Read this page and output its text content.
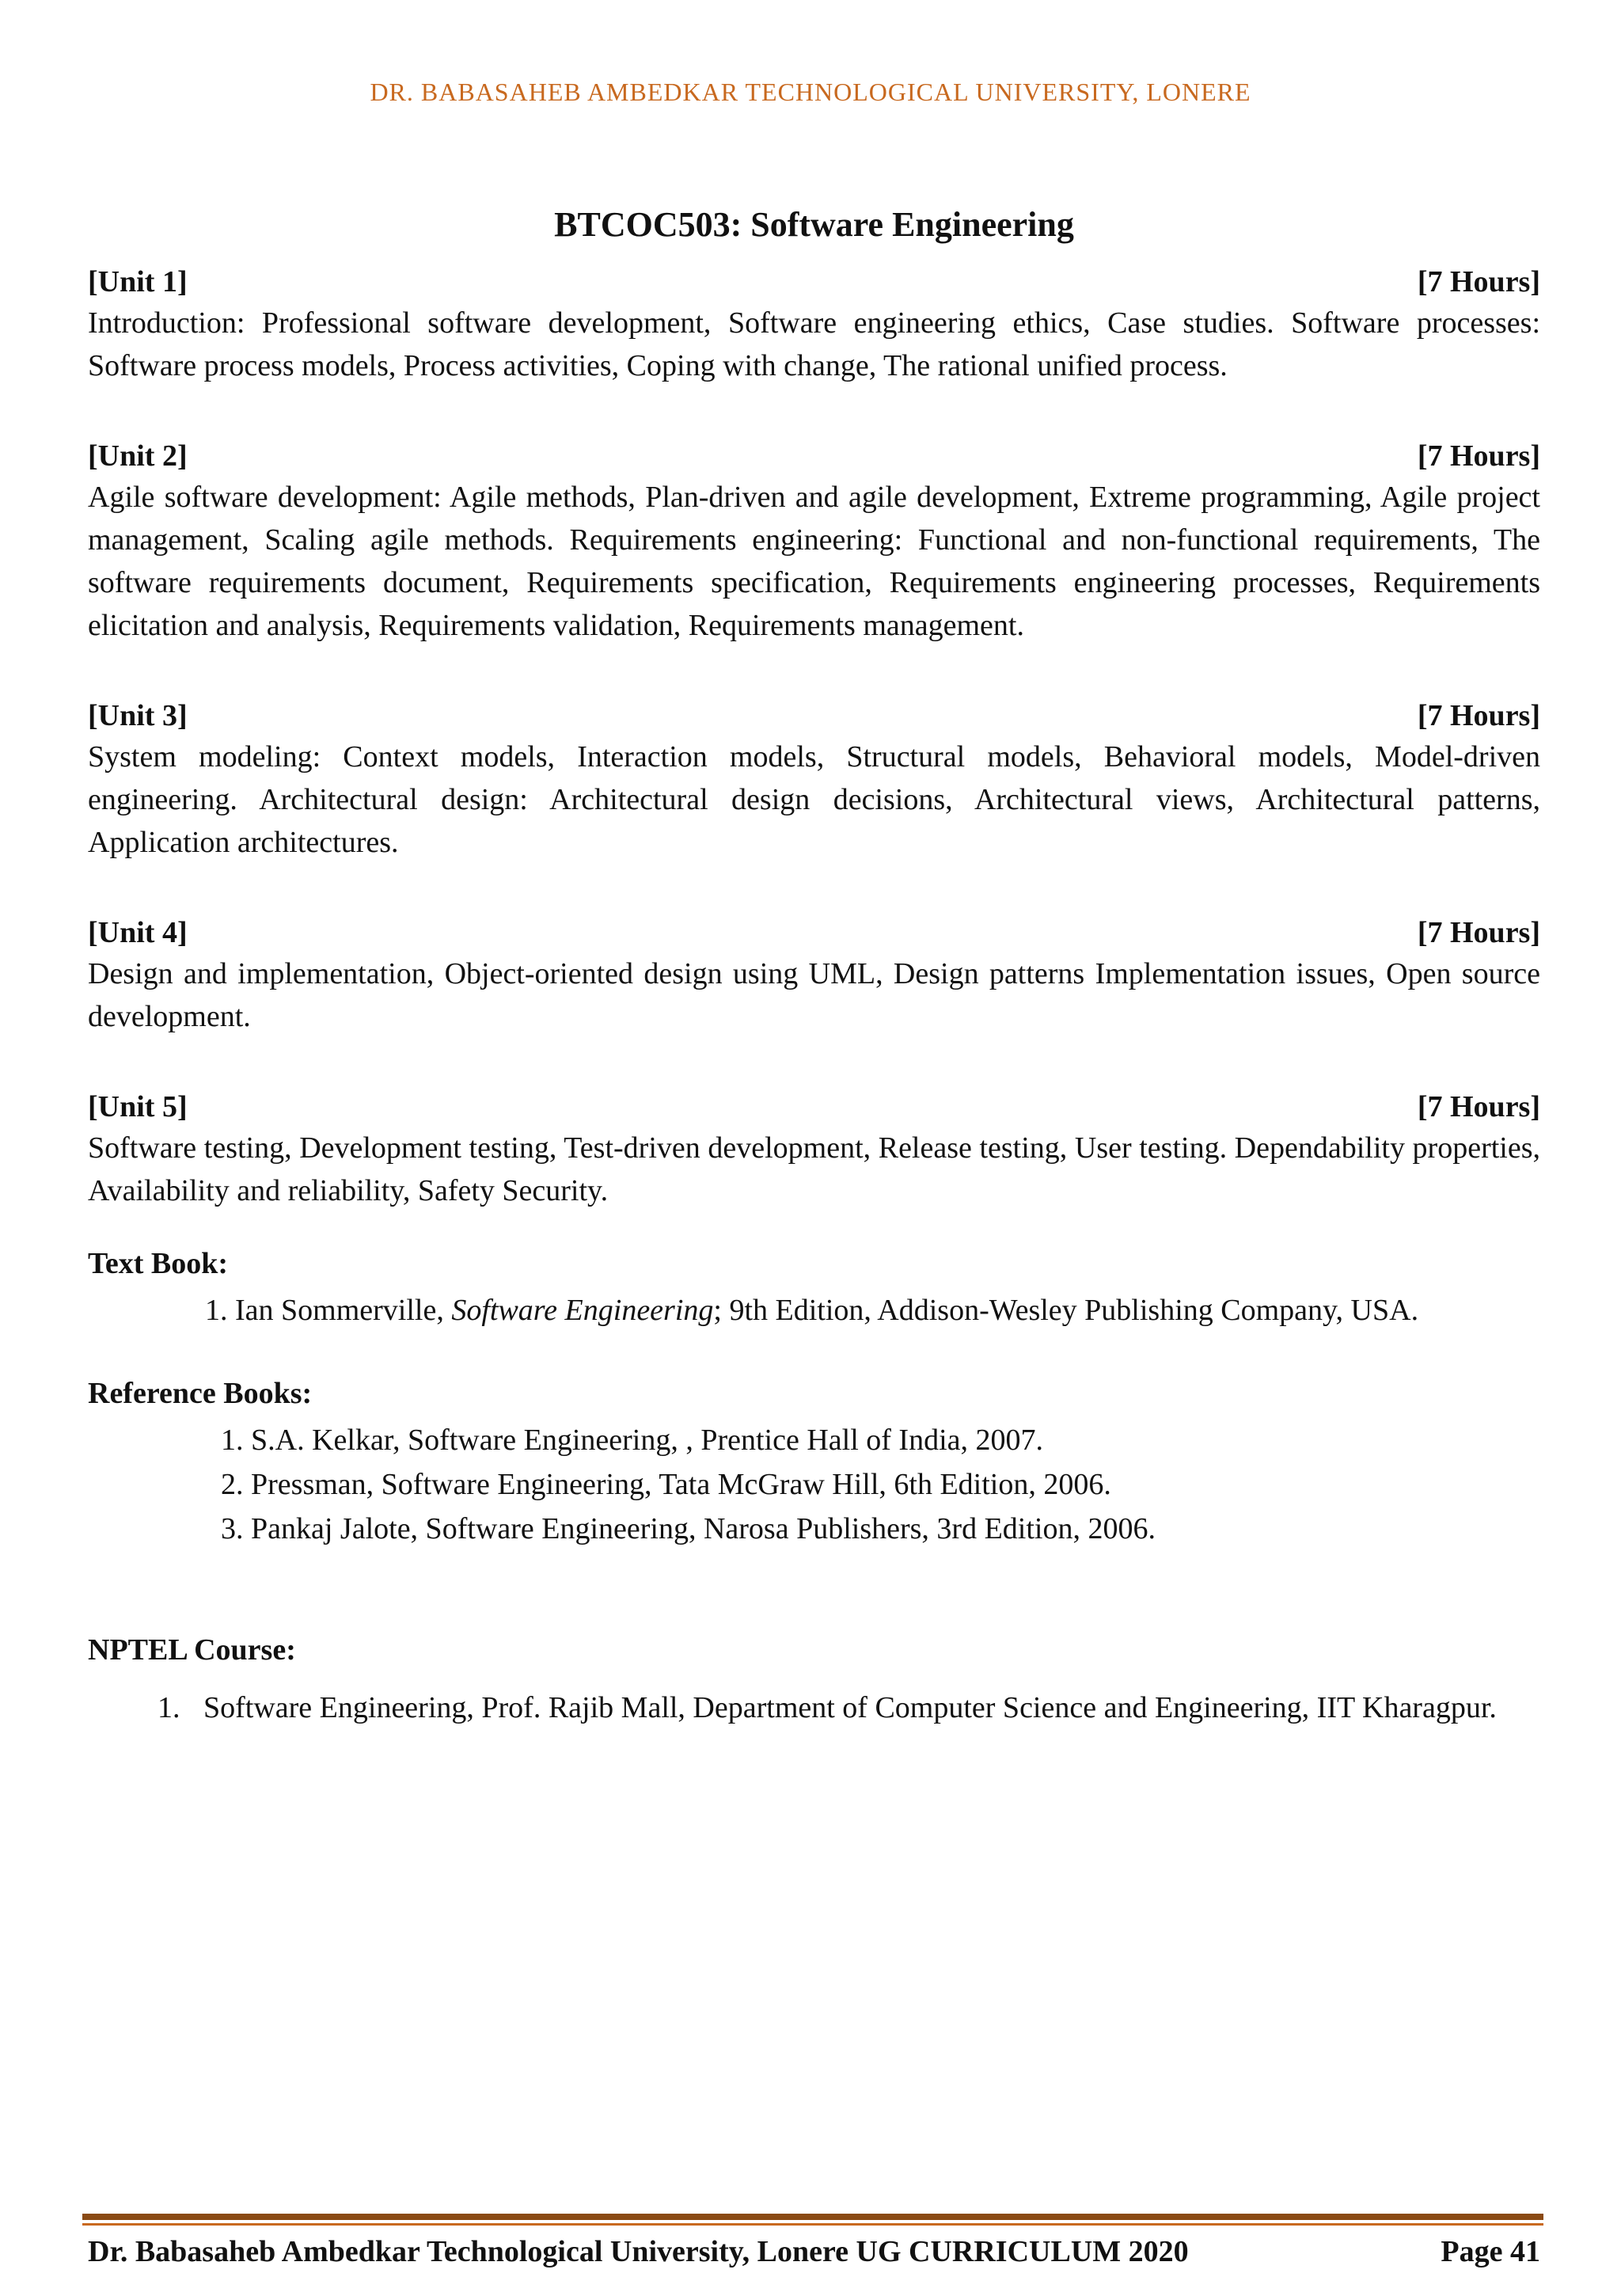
DR. BABASAHEB AMBEDKAR TECHNOLOGICAL UNIVERSITY, LONERE
BTCOC503: Software Engineering
[Unit 1]	[7 Hours]

Introduction: Professional software development, Software engineering ethics, Case studies. Software processes: Software process models, Process activities, Coping with change, The rational unified process.

[Unit 2]	[7 Hours]

Agile software development: Agile methods, Plan-driven and agile development, Extreme programming, Agile project management, Scaling agile methods. Requirements engineering: Functional and non-functional requirements, The software requirements document, Requirements specification, Requirements engineering processes, Requirements elicitation and analysis, Requirements validation, Requirements management.

[Unit 3]	[7 Hours]

System modeling: Context models, Interaction models, Structural models, Behavioral models, Model-driven engineering. Architectural design: Architectural design decisions, Architectural views, Architectural patterns, Application architectures.

[Unit 4]	[7 Hours]

Design and implementation, Object-oriented design using UML, Design patterns Implementation issues, Open source development.

[Unit 5]	[7 Hours]

Software testing, Development testing, Test-driven development, Release testing, User testing. Dependability properties, Availability and reliability, Safety Security.

Text Book:
1. Ian Sommerville, Software Engineering; 9th Edition, Addison-Wesley Publishing Company, USA.
Reference Books:
1. S.A. Kelkar, Software Engineering, , Prentice Hall of India, 2007.
2. Pressman, Software Engineering, Tata McGraw Hill, 6th Edition, 2006.
3. Pankaj Jalote, Software Engineering, Narosa Publishers, 3rd Edition, 2006.
NPTEL Course:
1. Software Engineering, Prof. Rajib Mall, Department of Computer Science and Engineering, IIT Kharagpur.
Dr. Babasaheb Ambedkar Technological University, Lonere UG CURRICULUM 2020	Page 41
